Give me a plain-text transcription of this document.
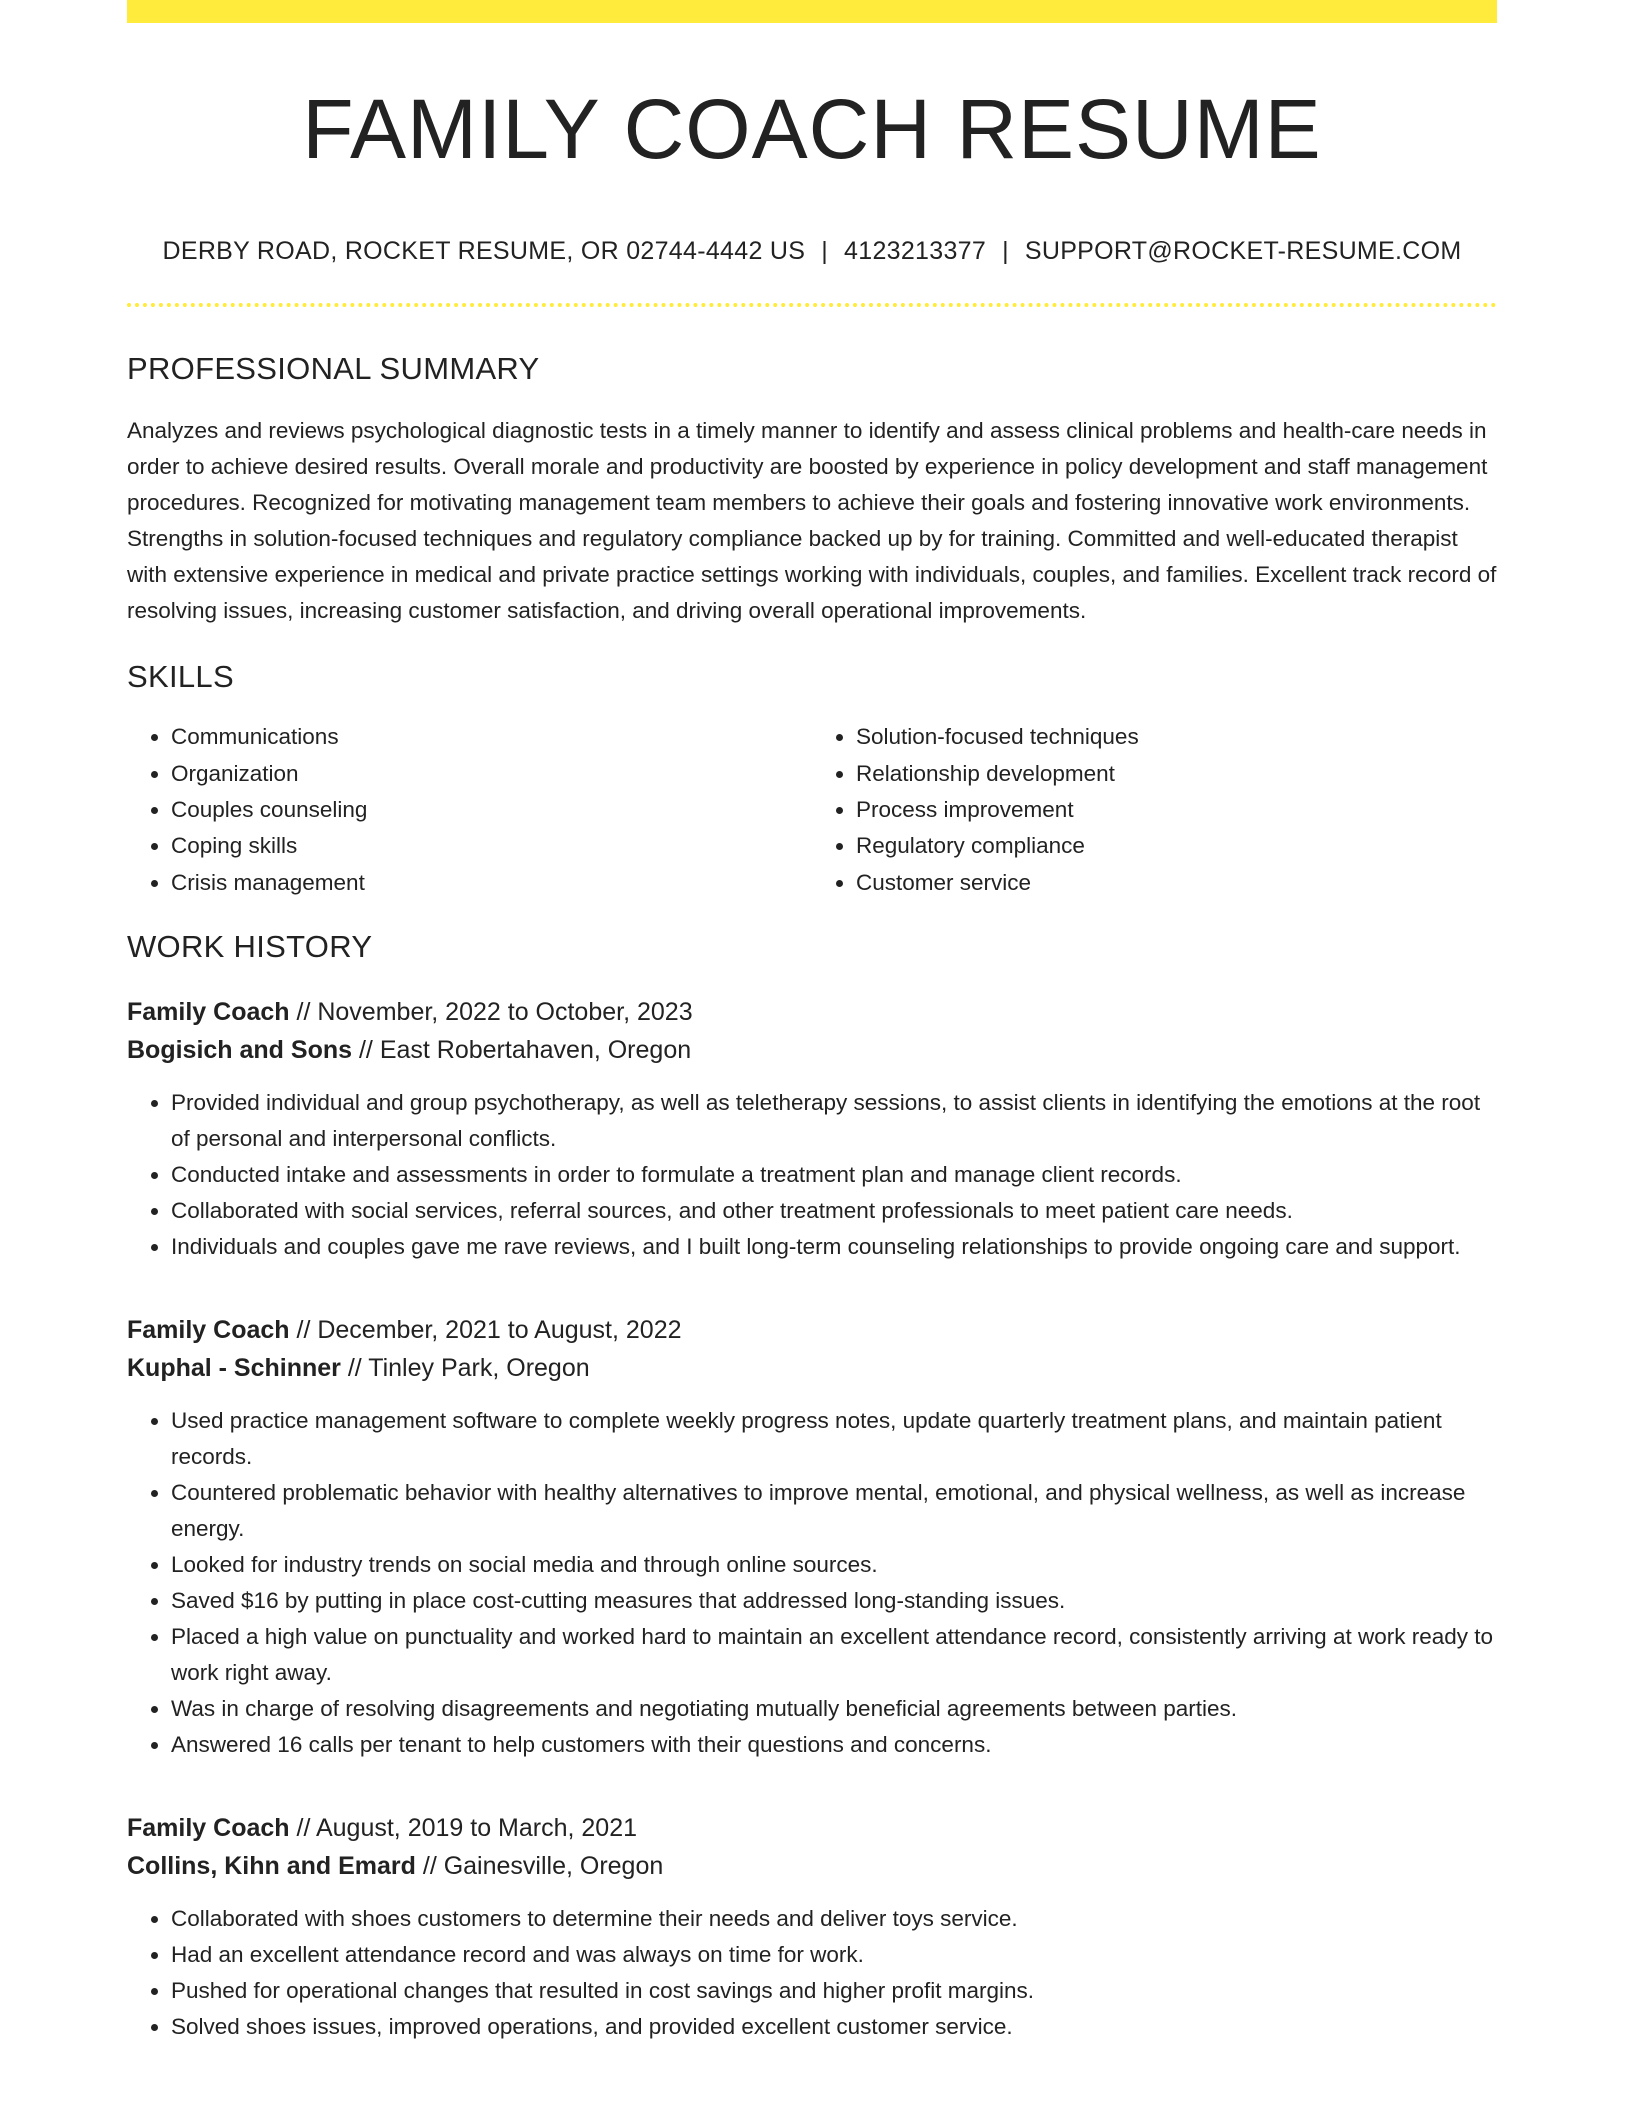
FAMILY COACH RESUME
DERBY ROAD, ROCKET RESUME, OR 02744-4442 US | 4123213377 | SUPPORT@ROCKET-RESUME.COM
PROFESSIONAL SUMMARY
Analyzes and reviews psychological diagnostic tests in a timely manner to identify and assess clinical problems and health-care needs in order to achieve desired results. Overall morale and productivity are boosted by experience in policy development and staff management procedures. Recognized for motivating management team members to achieve their goals and fostering innovative work environments. Strengths in solution-focused techniques and regulatory compliance backed up by for training. Committed and well-educated therapist with extensive experience in medical and private practice settings working with individuals, couples, and families. Excellent track record of resolving issues, increasing customer satisfaction, and driving overall operational improvements.
SKILLS
• Communications
• Organization
• Couples counseling
• Coping skills
• Crisis management
• Solution-focused techniques
• Relationship development
• Process improvement
• Regulatory compliance
• Customer service
WORK HISTORY
Family Coach // November, 2022 to October, 2023
Bogisich and Sons // East Robertahaven, Oregon
• Provided individual and group psychotherapy, as well as teletherapy sessions, to assist clients in identifying the emotions at the root of personal and interpersonal conflicts.
• Conducted intake and assessments in order to formulate a treatment plan and manage client records.
• Collaborated with social services, referral sources, and other treatment professionals to meet patient care needs.
• Individuals and couples gave me rave reviews, and I built long-term counseling relationships to provide ongoing care and support.
Family Coach // December, 2021 to August, 2022
Kuphal - Schinner // Tinley Park, Oregon
• Used practice management software to complete weekly progress notes, update quarterly treatment plans, and maintain patient records.
• Countered problematic behavior with healthy alternatives to improve mental, emotional, and physical wellness, as well as increase energy.
• Looked for industry trends on social media and through online sources.
• Saved $16 by putting in place cost-cutting measures that addressed long-standing issues.
• Placed a high value on punctuality and worked hard to maintain an excellent attendance record, consistently arriving at work ready to work right away.
• Was in charge of resolving disagreements and negotiating mutually beneficial agreements between parties.
• Answered 16 calls per tenant to help customers with their questions and concerns.
Family Coach // August, 2019 to March, 2021
Collins, Kihn and Emard // Gainesville, Oregon
• Collaborated with shoes customers to determine their needs and deliver toys service.
• Had an excellent attendance record and was always on time for work.
• Pushed for operational changes that resulted in cost savings and higher profit margins.
• Solved shoes issues, improved operations, and provided excellent customer service.
